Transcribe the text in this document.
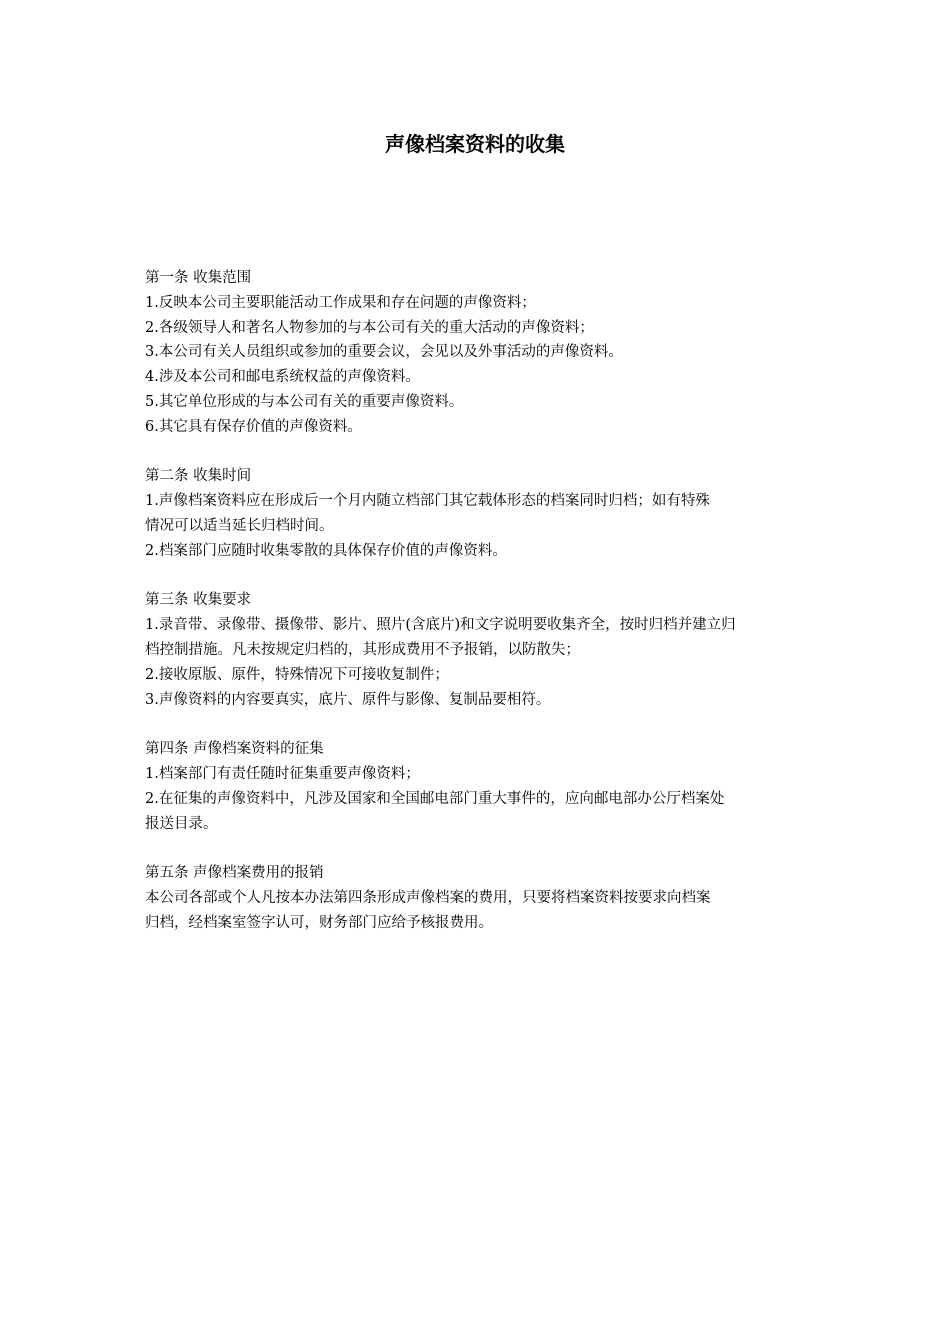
声像档案资料的收集
第一条 收集范围
1.反映本公司主要职能活动工作成果和存在问题的声像资料；
2.各级领导人和著名人物参加的与本公司有关的重大活动的声像资料；
3.本公司有关人员组织或参加的重要会议，会见以及外事活动的声像资料。
4.涉及本公司和邮电系统权益的声像资料。
5.其它单位形成的与本公司有关的重要声像资料。
6.其它具有保存价值的声像资料。
第二条 收集时间
1.声像档案资料应在形成后一个月内随立档部门其它载体形态的档案同时归档；如有特殊
情况可以适当延长归档时间。
2.档案部门应随时收集零散的具体保存价值的声像资料。
第三条 收集要求
1.录音带、录像带、摄像带、影片、照片(含底片)和文字说明要收集齐全，按时归档并建立归
档控制措施。凡未按规定归档的，其形成费用不予报销，以防散失；
2.接收原版、原件，特殊情况下可接收复制件；
3.声像资料的内容要真实，底片、原件与影像、复制品要相符。
第四条 声像档案资料的征集
1.档案部门有责任随时征集重要声像资料；
2.在征集的声像资料中，凡涉及国家和全国邮电部门重大事件的，应向邮电部办公厅档案处
报送目录。
第五条 声像档案费用的报销
本公司各部或个人凡按本办法第四条形成声像档案的费用，只要将档案资料按要求向档案
归档，经档案室签字认可，财务部门应给予核报费用。
